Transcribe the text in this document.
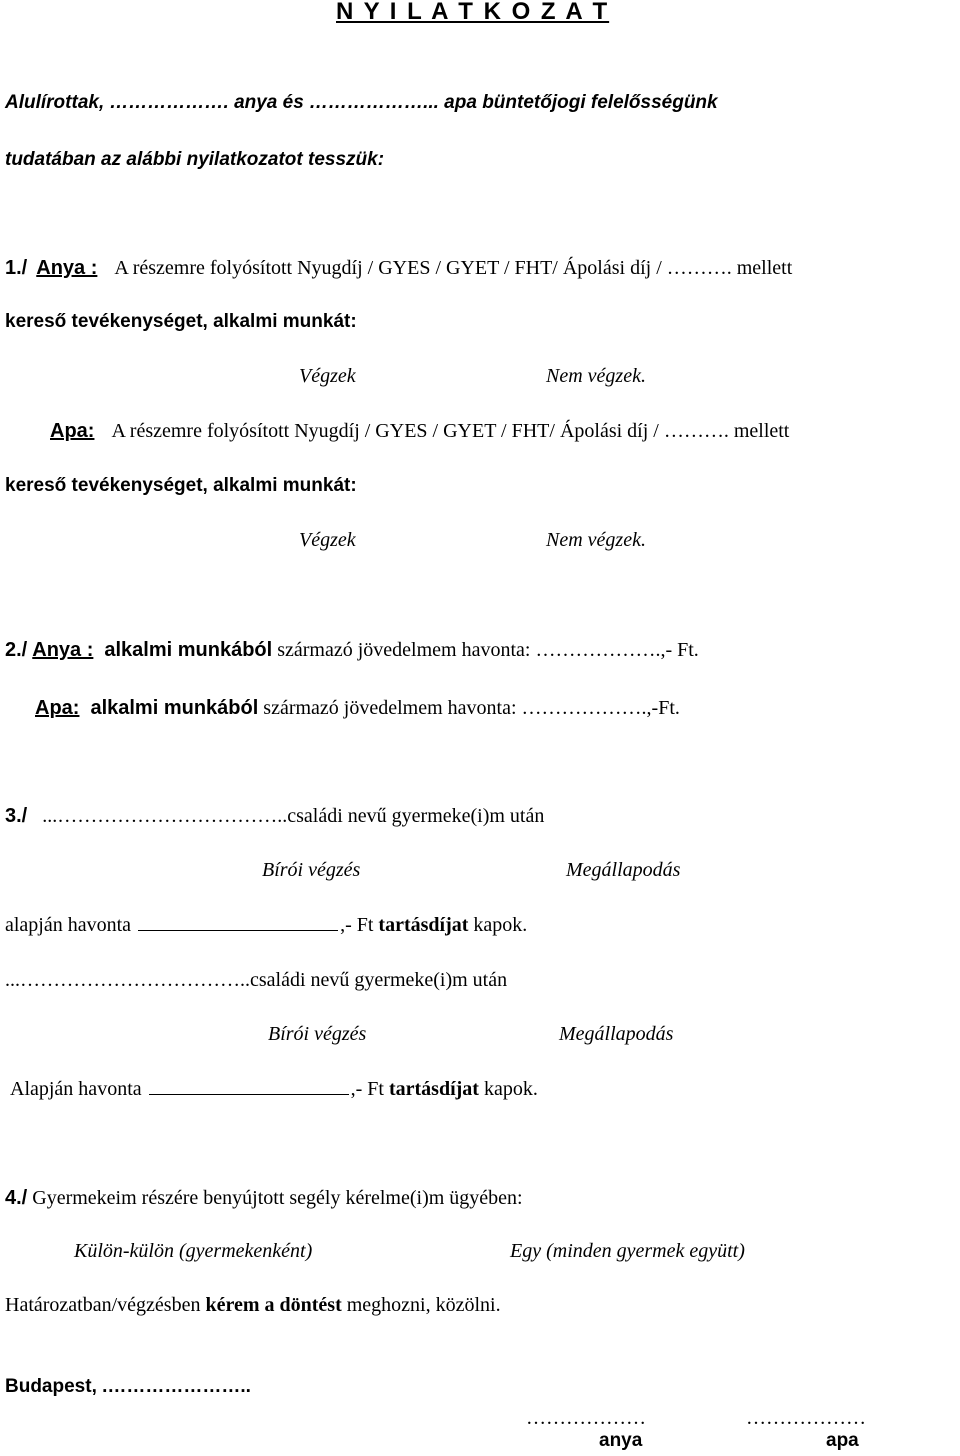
N Y I L A T K O Z A T
Alulírottak, ………………. anya és ………………... apa büntetőjogi felelősségünk
tudatában az alábbi nyilatkozatot tesszük:
1./ Anya : A részemre folyósított Nyugdíj / GYES / GYET / FHT/ Ápolási díj / ………. mellett
kereső tevékenységet, alkalmi munkát:
Végzek	Nem végzek.
Apa: A részemre folyósított Nyugdíj / GYES / GYET / FHT/ Ápolási díj / ………. mellett
kereső tevékenységet, alkalmi munkát:
Végzek	Nem végzek.
2./ Anya : alkalmi munkából származó jövedelmem havonta: ……………….,- Ft.
Apa: alkalmi munkából származó jövedelmem havonta: ……………….,-Ft.
3./ ...……………………………..családi nevű gyermeke(i)m után
Bírói végzés	Megállapodás
alapján havonta	,- Ft tartásdíjat kapok.
...……………………………..családi nevű gyermeke(i)m után
Bírói végzés	Megállapodás
Alapján havonta	,- Ft tartásdíjat kapok.
4./ Gyermekeim részére benyújtott segély kérelme(i)m ügyében:
Külön-külön (gyermekenként)	Egy (minden gyermek együtt)
Határozatban/végzésben kérem a döntést meghozni, közölni.
Budapest, .…………………..
………………	………………
anya	apa
